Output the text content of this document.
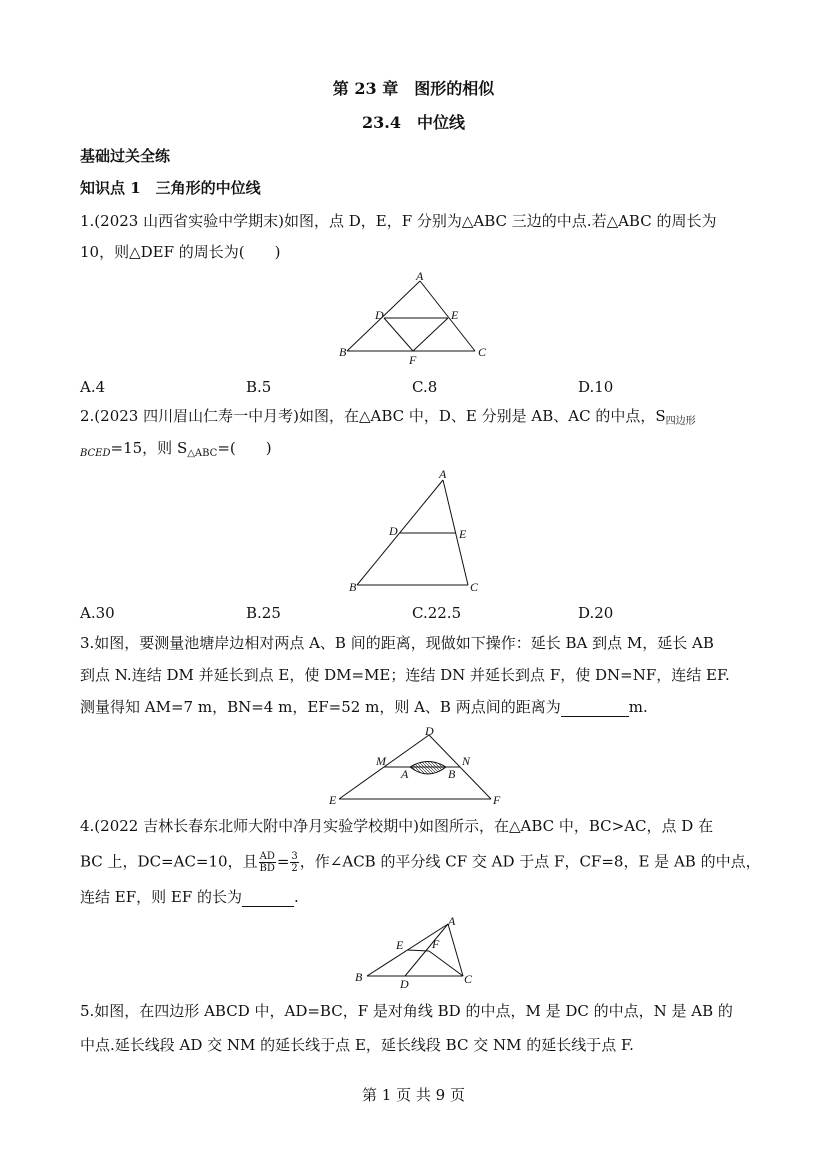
第 23 章　图形的相似
23.4　中位线
基础过关全练
知识点 1　三角形的中位线
1.(2023 山西省实验中学期末)如图，点 D，E，F 分别为△ABC 三边的中点.若△ABC 的周长为
10，则△DEF 的周长为(　　)
A
D	E
B
F
C
A.4	B.5	C.8	D.10
2.(2023 四川眉山仁寿一中月考)如图，在△ABC 中，D、E 分别是 AB、AC 的中点，$S_{四边形}$
$_{BCED}$=15，则 $S_{\triangle ABC}=$(　　)
A
D	E
B	C
A.30	B.25	C.22.5	D.20
3.如图，要测量池塘岸边相对两点 A、B 间的距离，现做如下操作：延长 BA 到点 M，延长 AB
到点 N.连结 DM 并延长到点 E，使 DM=ME；连结 DN 并延长到点 F，使 DN=NF，连结 EF.
测量得知 AM=7 m，BN=4 m，EF=52 m，则 A、B 两点间的距离为	m.
D
M	N
A	B
E	F
4.(2022 吉林长春东北师大附中净月实验学校期中)如图所示，在△ABC 中，BC>AC，点 D 在
BC 上，DC=AC=10，且 $\frac{AD}{BD} = \frac{3}{2}$ ，作∠ACB 的平分线 CF 交 AD 于点 F，CF=8，E 是 AB 的中点，
连结 EF，则 EF 的长为	.
A
E F
B	D	C
5.如图，在四边形 ABCD 中，AD=BC，F 是对角线 BD 的中点，M 是 DC 的中点，N 是 AB 的
中点.延长线段 AD 交 NM 的延长线于点 E，延长线段 BC 交 NM 的延长线于点 F.
第 1 页 共 9 页
